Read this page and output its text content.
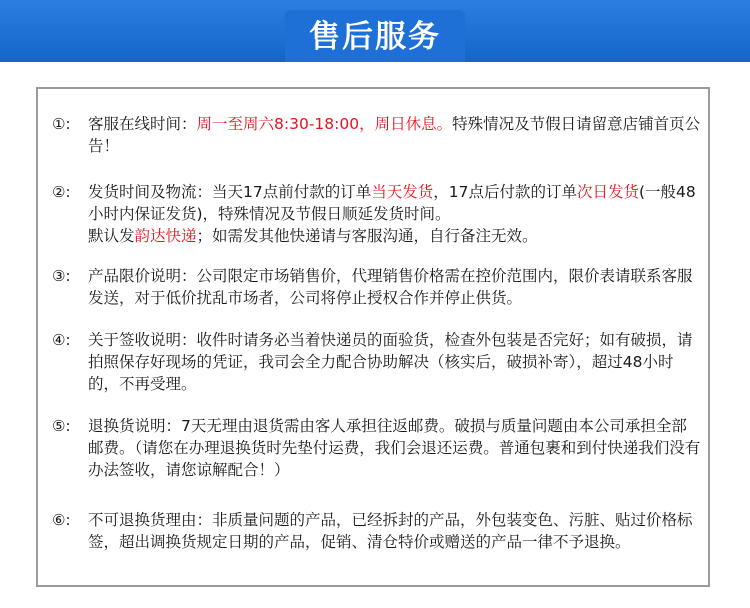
售后服务
①: 客服在线时间：周一至周六8:30-18:00，周日休息。特殊情况及节假日请留意店铺首页公告！
②: 发货时间及物流：当天17点前付款的订单当天发货，17点后付款的订单次日发货(一般48小时内保证发货)，特殊情况及节假日顺延发货时间。
默认发韵达快递；如需发其他快递请与客服沟通，自行备注无效。
③: 产品限价说明：公司限定市场销售价，代理销售价格需在控价范围内，限价表请联系客服发送，对于低价扰乱市场者，公司将停止授权合作并停止供货。
④: 关于签收说明：收件时请务必当着快递员的面验货，检查外包装是否完好；如有破损，请拍照保存好现场的凭证，我司会全力配合协助解决（核实后，破损补寄），超过48小时的，不再受理。
⑤: 退换货说明：7天无理由退货需由客人承担往返邮费。破损与质量问题由本公司承担全部邮费。（请您在办理退换货时先垫付运费，我们会退还运费。普通包裹和到付快递我们没有办法签收，请您谅解配合！）
⑥: 不可退换货理由：非质量问题的产品，已经拆封的产品，外包装变色、污脏、贴过价格标签，超出调换货规定日期的产品，促销、清仓特价或赠送的产品一律不予退换。
